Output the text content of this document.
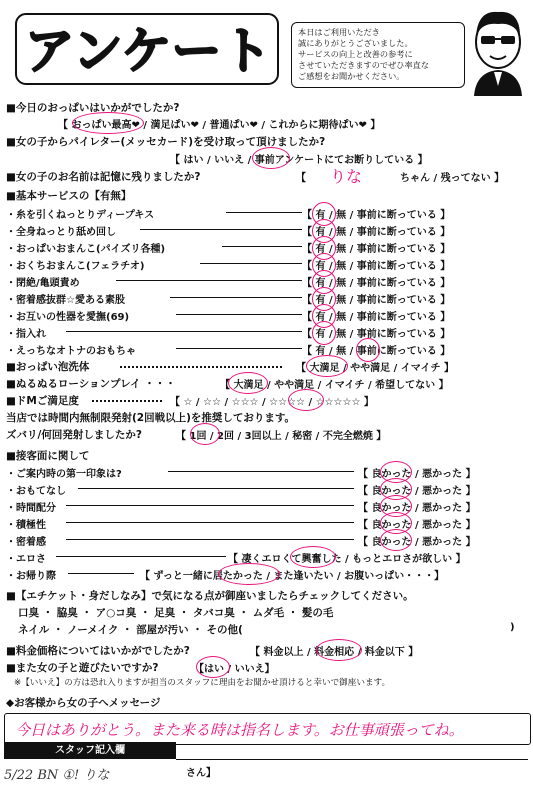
アンケート	本日はご利用いただき
誠にありがとうございました。
サービスの向上と改善の参考に
させていただきますのでぜひ率直な
ご感想をお聞かせください。
■今日のおっぱいはいかがでしたか?
【 おっぱい最高❤ / 満足ぱい❤ / 普通ぱい❤ / これからに期待ぱい❤ 】
■女の子からパイレター(メッセカード)を受け取って頂けましたか?
【 はい / いいえ / 事前アンケートにてお断りしている 】
■女の子のお名前は記憶に残りましたか?	【 りな	ちゃん / 残ってない 】
■基本サービスの【有無】
・糸を引くねっとりディープキス	【 有 / 無 / 事前に断っている 】
・全身ねっとり舐め回し	【 有 / 無 / 事前に断っている 】
・おっぱいおまんこ(パイズリ各種)	【 有 / 無 / 事前に断っている 】
・おくちおまんこ(フェラチオ)	【 有 / 無 / 事前に断っている 】
・閉絶/亀頭責め	【 有 / 無 / 事前に断っている 】
・密着感抜群☆愛ある素股	【 有 / 無 / 事前に断っている 】
・お互いの性器を愛撫(69)	【 有 / 無 / 事前に断っている 】
・指入れ	【 有 / 無 / 事前に断っている 】
・えっちなオトナのおもちゃ	【 有 / 無 / 事前に断っている 】
■おっぱい泡洗体	【 大満足 / やや満足 / イマイチ 】
■ぬるぬるローションプレイ ・・・	【 大満足 / やや満足 / イマイチ / 希望してない 】
■ドMご満足度	【 ☆ / ☆☆ / ☆☆☆ / ☆☆☆☆ / ☆☆☆☆☆ 】
当店では時間内無制限発射(2回戦以上)を推奨しております。
ズバリ/何回発射しましたか?	【 1回 / 2回 / 3回以上 / 秘密 / 不完全燃焼 】
■接客面に関して
・ご案内時の第一印象は?	【 良かった / 悪かった 】
・おもてなし	【 良かった / 悪かった 】
・時間配分	【 良かった / 悪かった 】
・積極性	【 良かった / 悪かった 】
・密着感	【 良かった / 悪かった 】
・エロさ	【 凄くエロくて興奮した / もっとエロさが欲しい 】
・お帰り際	【 ずっと一緒に居たかった / また逢いたい / お腹いっぱい・・・】
■【エチケット・身だしなみ】で気になる点が御座いましたらチェックしてください。
口臭 ・ 脇臭 ・ ア○コ臭 ・ 足臭 ・ タバコ臭 ・ ムダ毛 ・ 髪の毛
ネイル ・ ノーメイク ・ 部屋が汚い ・ その他(	)
■料金価格についてはいかがでしたか?	【 料金以上 / 料金相応 / 料金以下 】
■また女の子と遊びたいですか?	【はい / いいえ】
※【いいえ】の方は恐れ入りますが担当のスタッフに理由をお聞かせ頂けると幸いで御座います。
◆お客様から女の子へメッセージ
今日はありがとう。また来る時は指名します。お仕事頑張ってね。
スタッフ記入欄
5/22 BN ①! りな	さん】
